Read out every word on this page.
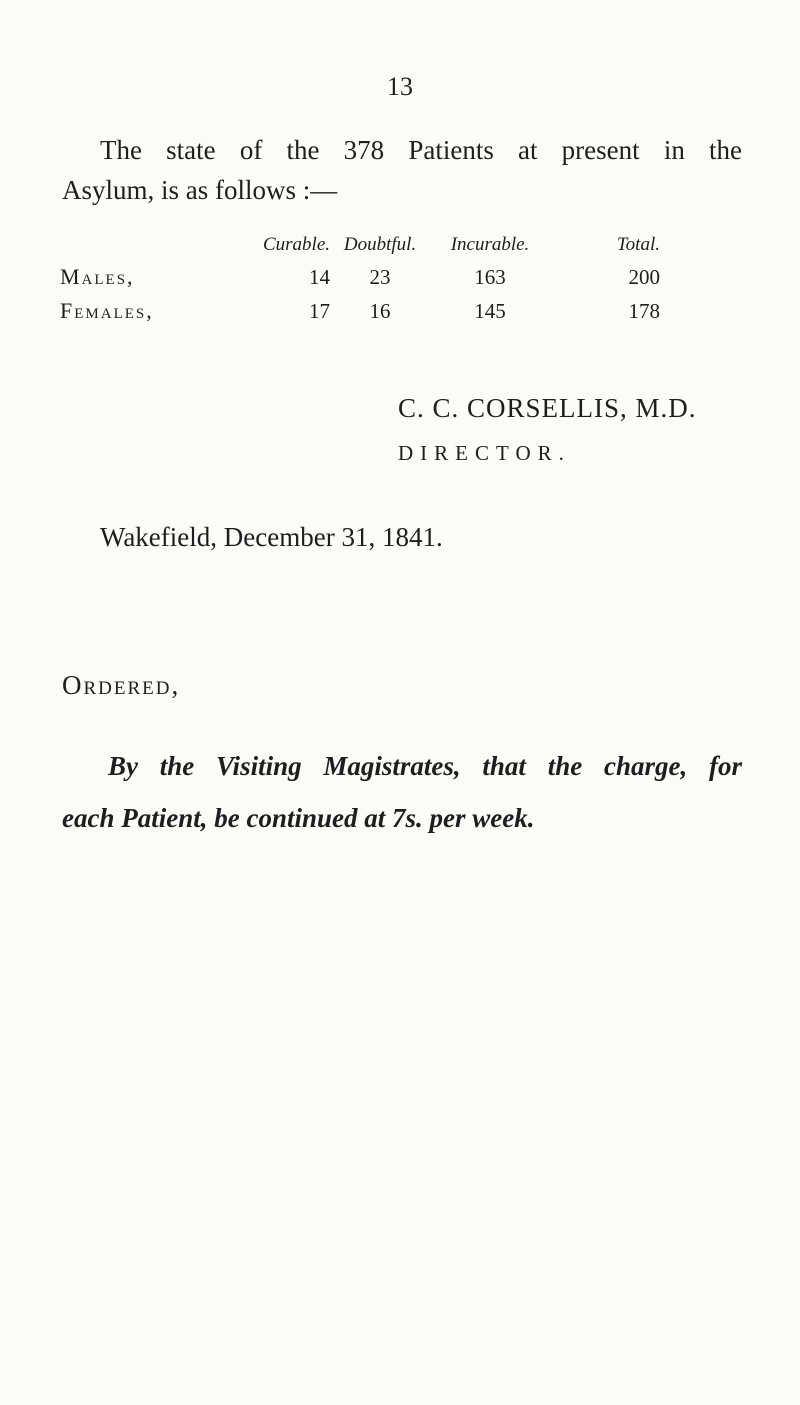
13

The state of the 378 Patients at present in the
Asylum, is as follows :—

	Curable.	Doubtful.	Incurable.	Total.
Males,	14	23	163	200
Females,	17	16	145	178
C. C. CORSELLIS, M.D.
DIRECTOR.
Wakefield, December 31, 1841.
Ordered,

By the Visiting Magistrates, that the charge, for
each Patient, be continued at 7s. per week.
